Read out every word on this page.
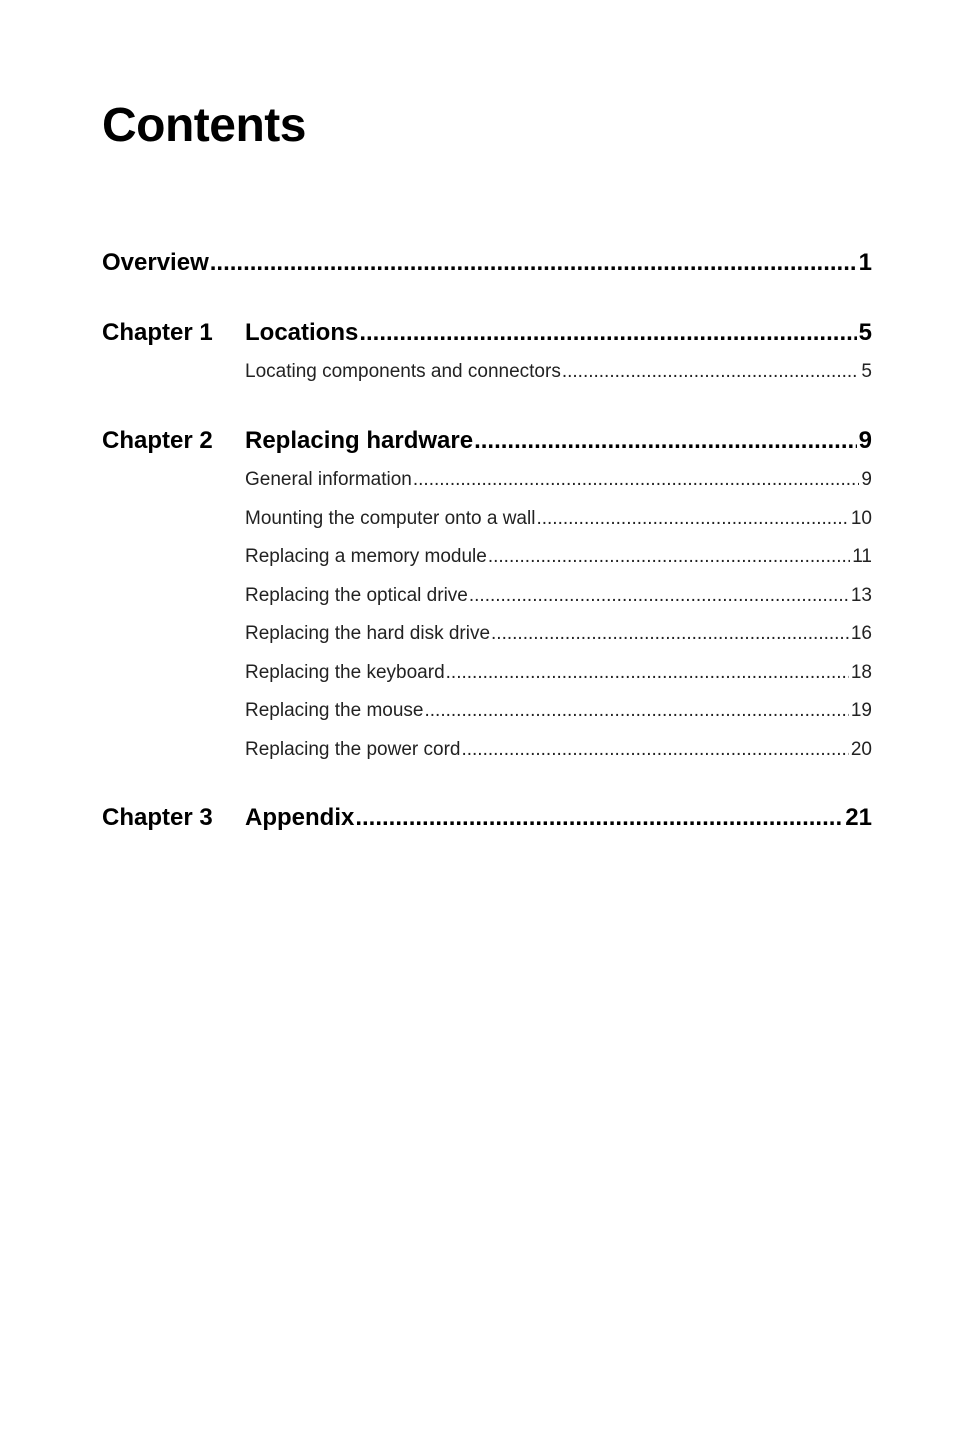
Contents
Overview .....	1
Chapter 1	Locations .....	5
Locating components and connectors .....	5
Chapter 2	Replacing hardware .....	9
General information .....	9
Mounting the computer onto a wall .....	10
Replacing a memory module .....	11
Replacing the optical drive .....	13
Replacing the hard disk drive .....	16
Replacing the keyboard .....	18
Replacing the mouse .....	19
Replacing the power cord .....	20
Chapter 3	Appendix .....	21
